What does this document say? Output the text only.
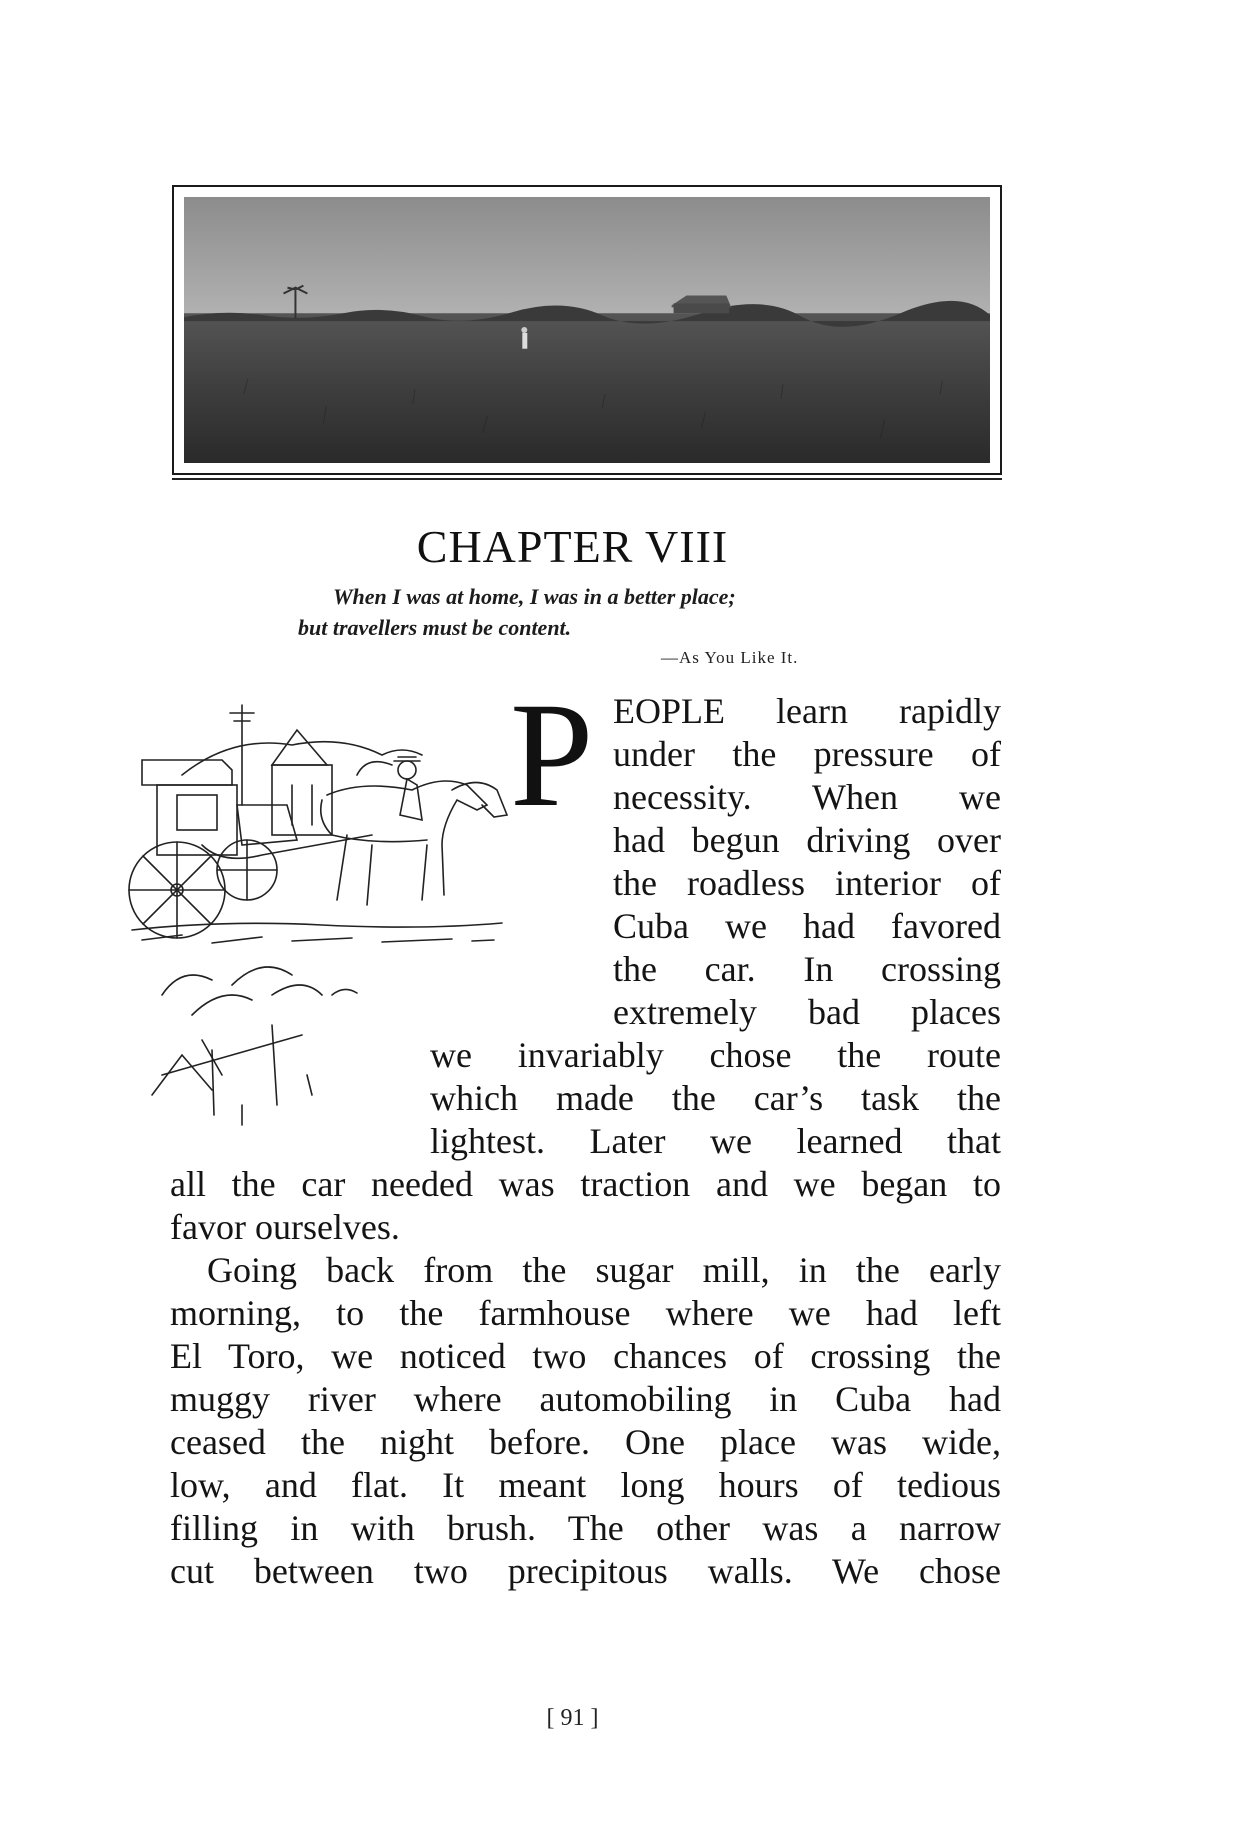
CHAPTER VIII
When I was at home, I was in a better place;
but travellers must be content.
—As You Like It.
P EOPLE learn rapidly
under the pressure of
necessity. When we
had begun driving over
the roadless interior of
Cuba we had favored
the car. In crossing
extremely bad places
we invariably chose the route
which made the car’s task the
lightest. Later we learned that
all the car needed was traction and we began to
favor ourselves.
Going back from the sugar mill, in the early
morning, to the farmhouse where we had left
El Toro, we noticed two chances of crossing the
muggy river where automobiling in Cuba had
ceased the night before. One place was wide,
low, and flat. It meant long hours of tedious
filling in with brush. The other was a narrow
cut between two precipitous walls. We chose
[ 91 ]
